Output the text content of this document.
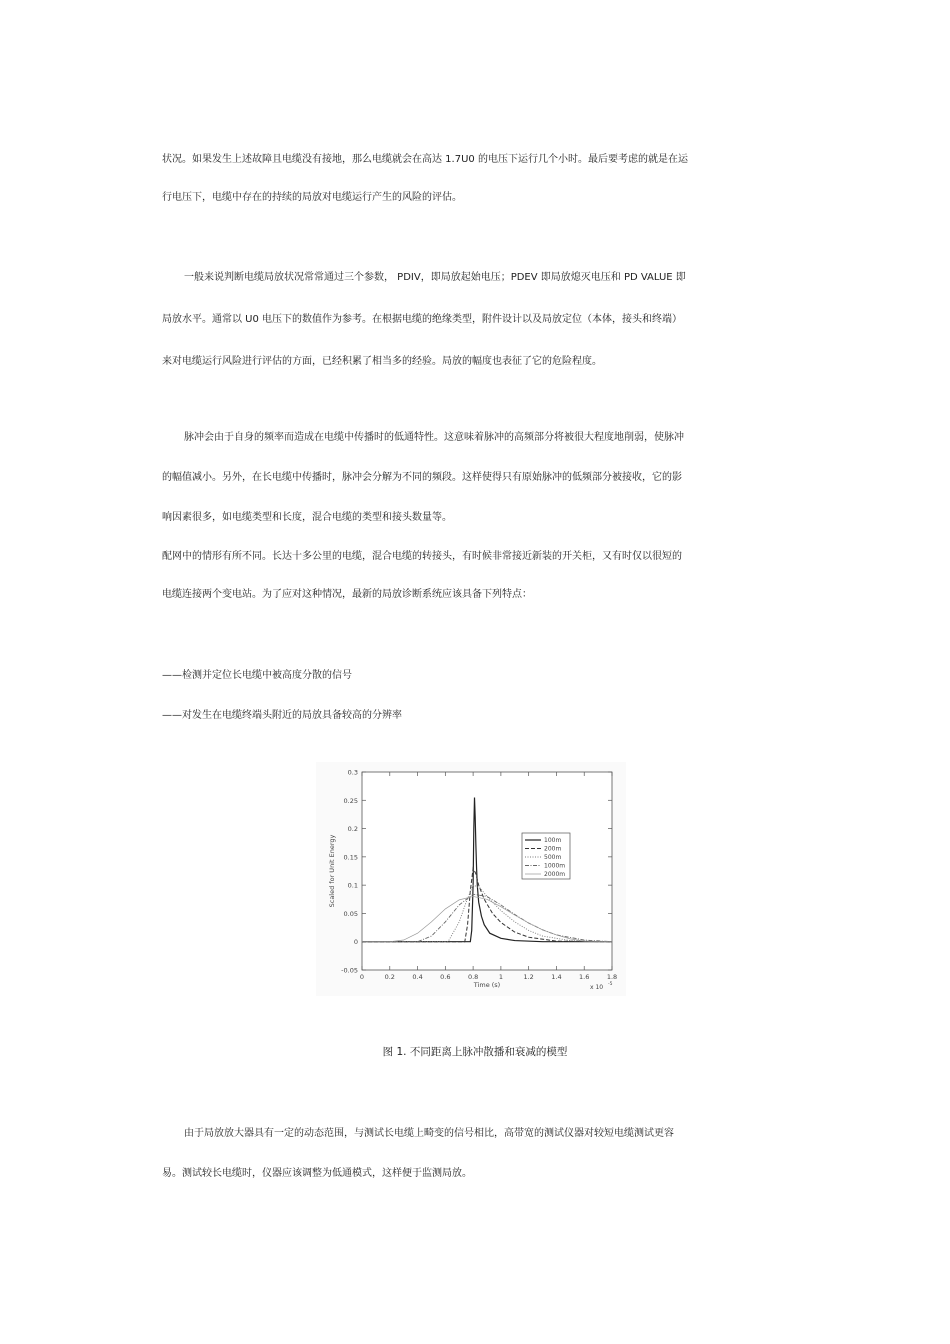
状况。如果发生上述故障且电缆没有接地，那么电缆就会在高达 1.7U0 的电压下运行几个小时。最后要考虑的就是在运
行电压下，电缆中存在的持续的局放对电缆运行产生的风险的评估。
一般来说判断电缆局放状况常常通过三个参数， PDIV，即局放起始电压；PDEV 即局放熄灭电压和 PD VALUE 即
局放水平。通常以 U0 电压下的数值作为参考。在根据电缆的绝缘类型，附件设计以及局放定位（本体，接头和终端）
来对电缆运行风险进行评估的方面，已经积累了相当多的经验。局放的幅度也表征了它的危险程度。
脉冲会由于自身的频率而造成在电缆中传播时的低通特性。这意味着脉冲的高频部分将被很大程度地削弱，使脉冲
的幅值减小。另外，在长电缆中传播时，脉冲会分解为不同的频段。这样使得只有原始脉冲的低频部分被接收，它的影
响因素很多，如电缆类型和长度，混合电缆的类型和接头数量等。
配网中的情形有所不同。长达十多公里的电缆，混合电缆的转接头，有时候非常接近新装的开关柜，又有时仅以很短的
电缆连接两个变电站。为了应对这种情况，最新的局放诊断系统应该具备下列特点：
——检测并定位长电缆中被高度分散的信号
——对发生在电缆终端头附近的局放具备较高的分辨率
由于局放放大器具有一定的动态范围，与测试长电缆上畸变的信号相比，高带宽的测试仪器对较短电缆测试更容
易。测试较长电缆时，仪器应该调整为低通模式，这样便于监测局放。
-0.05
0
0.05
0.1
0.15
0.2
0.25
0.3
0	0.2	0.4	0.6	0.8	1	1.2	1.4	1.6	1.8
Time (s)
Scaled for Unit Energy
x 10 -5
100m
200m
500m
1000m
2000m
图 1. 不同距离上脉冲散播和衰减的模型
